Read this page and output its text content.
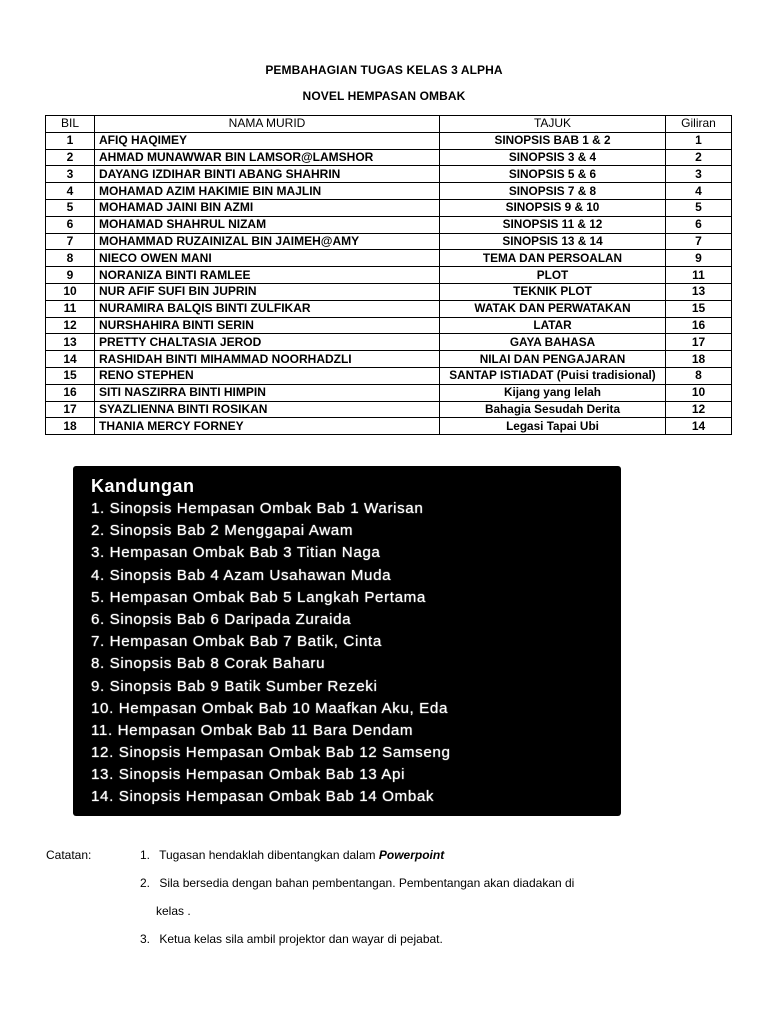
PEMBAHAGIAN TUGAS KELAS 3 ALPHA
NOVEL HEMPASAN OMBAK
BIL	NAMA MURID	TAJUK	Giliran
1	AFIQ HAQIMEY	SINOPSIS BAB 1 & 2	1
2	AHMAD MUNAWWAR BIN LAMSOR@LAMSHOR	SINOPSIS 3 & 4	2
3	DAYANG IZDIHAR BINTI ABANG SHAHRIN	SINOPSIS 5 & 6	3
4	MOHAMAD AZIM HAKIMIE BIN MAJLIN	SINOPSIS 7 & 8	4
5	MOHAMAD JAINI BIN AZMI	SINOPSIS 9 & 10	5
6	MOHAMAD SHAHRUL NIZAM	SINOPSIS 11 & 12	6
7	MOHAMMAD RUZAINIZAL BIN JAIMEH@AMY	SINOPSIS 13 & 14	7
8	NIECO OWEN MANI	TEMA DAN PERSOALAN	9
9	NORANIZA BINTI RAMLEE	PLOT	11
10	NUR AFIF SUFI BIN JUPRIN	TEKNIK PLOT	13
11	NURAMIRA BALQIS BINTI ZULFIKAR	WATAK DAN PERWATAKAN	15
12	NURSHAHIRA BINTI SERIN	LATAR	16
13	PRETTY CHALTASIA JEROD	GAYA BAHASA	17
14	RASHIDAH BINTI MIHAMMAD NOORHADZLI	NILAI DAN PENGAJARAN	18
15	RENO STEPHEN	SANTAP ISTIADAT (Puisi tradisional)	8
16	SITI NASZIRRA BINTI HIMPIN	Kijang yang lelah	10
17	SYAZLIENNA BINTI ROSIKAN	Bahagia Sesudah Derita	12
18	THANIA MERCY FORNEY	Legasi Tapai Ubi	14
Kandungan
1. Sinopsis Hempasan Ombak Bab 1 Warisan
2. Sinopsis Bab 2 Menggapai Awam
3. Hempasan Ombak Bab 3 Titian Naga
4. Sinopsis Bab 4 Azam Usahawan Muda
5. Hempasan Ombak Bab 5 Langkah Pertama
6. Sinopsis Bab 6 Daripada Zuraida
7. Hempasan Ombak Bab 7 Batik, Cinta
8. Sinopsis Bab 8 Corak Baharu
9. Sinopsis Bab 9 Batik Sumber Rezeki
10. Hempasan Ombak Bab 10 Maafkan Aku, Eda
11. Hempasan Ombak Bab 11 Bara Dendam
12. Sinopsis Hempasan Ombak Bab 12 Samseng
13. Sinopsis Hempasan Ombak Bab 13 Api
14. Sinopsis Hempasan Ombak Bab 14 Ombak
Catatan:	1. Tugasan hendaklah dibentangkan dalam Powerpoint
2. Sila bersedia dengan bahan pembentangan. Pembentangan akan diadakan di
kelas .
3. Ketua kelas sila ambil projektor dan wayar di pejabat.
